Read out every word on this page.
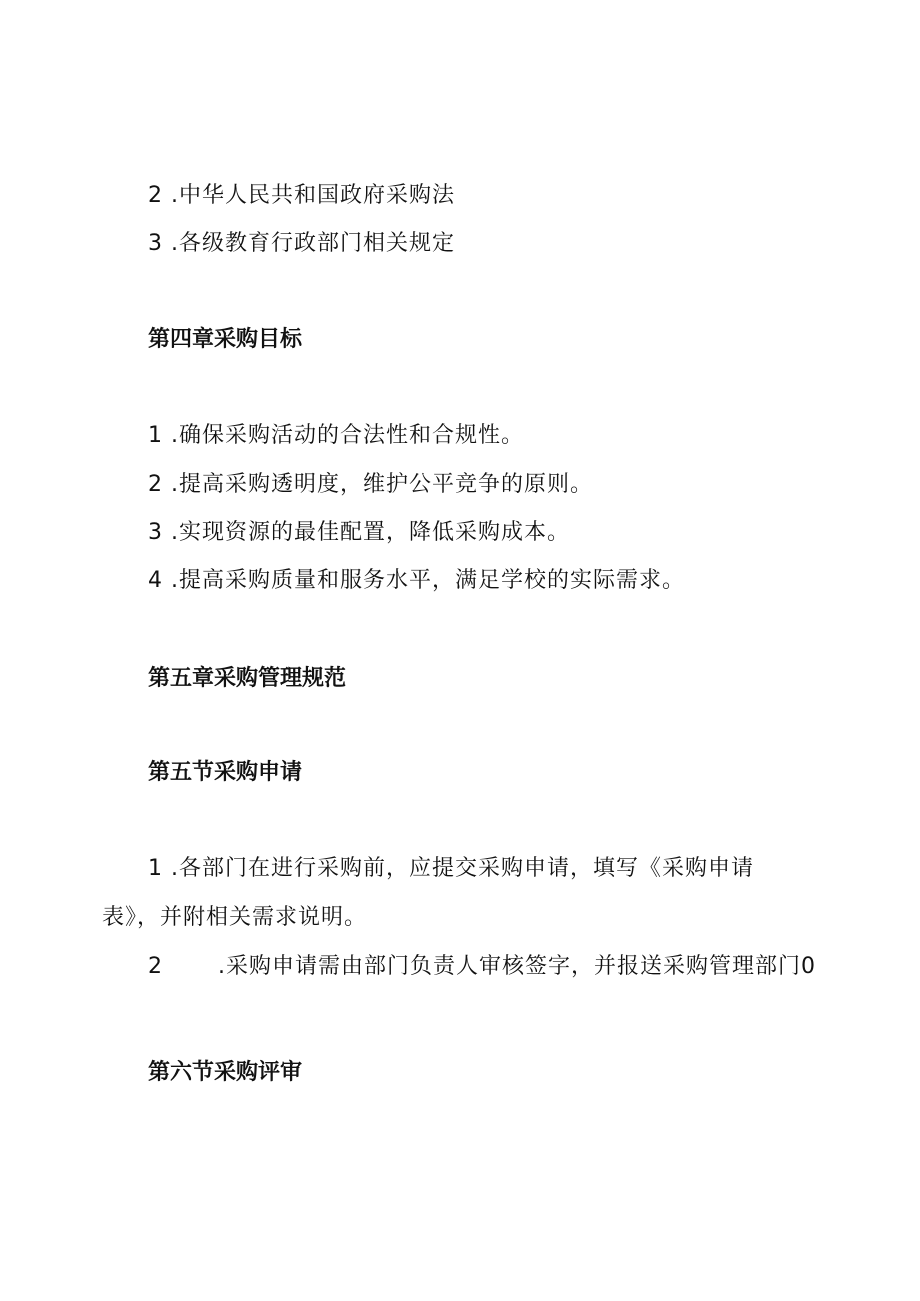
2 .中华人民共和国政府采购法
3 .各级教育行政部门相关规定
第四章采购目标
1 .确保采购活动的合法性和合规性。
2 .提高采购透明度，维护公平竞争的原则。
3 .实现资源的最佳配置，降低采购成本。
4 .提高采购质量和服务水平，满足学校的实际需求。
第五章采购管理规范
第五节采购申请
1 .各部门在进行采购前，应提交采购申请，填写《采购申请
表》，并附相关需求说明。
2	.采购申请需由部门负责人审核签字，并报送采购管理部门0
第六节采购评审
